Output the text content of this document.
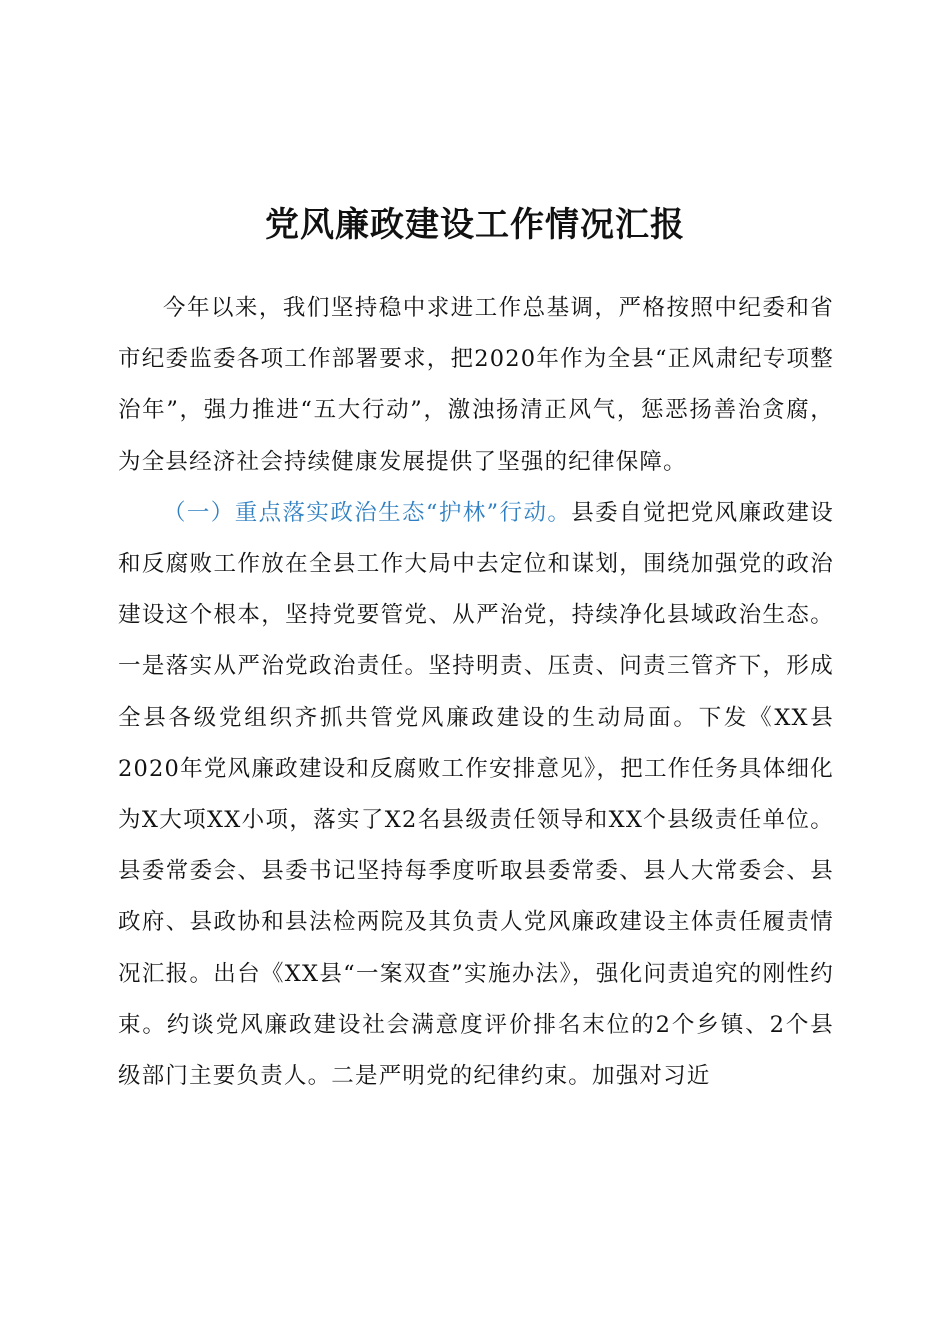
党风廉政建设工作情况汇报

今年以来，我们坚持稳中求进工作总基调，严格按照中纪委和省市纪委监委各项工作部署要求，把2020年作为全县“正风肃纪专项整治年”，强力推进“五大行动”，激浊扬清正风气，惩恶扬善治贪腐，为全县经济社会持续健康发展提供了坚强的纪律保障。

（一）重点落实政治生态“护林”行动。县委自觉把党风廉政建设和反腐败工作放在全县工作大局中去定位和谋划，围绕加强党的政治建设这个根本，坚持党要管党、从严治党，持续净化县域政治生态。一是落实从严治党政治责任。坚持明责、压责、问责三管齐下，形成全县各级党组织齐抓共管党风廉政建设的生动局面。下发《XX县2020年党风廉政建设和反腐败工作安排意见》，把工作任务具体细化为X大项XX小项，落实了X2名县级责任领导和XX个县级责任单位。县委常委会、县委书记坚持每季度听取县委常委、县人大常委会、县政府、县政协和县法检两院及其负责人党风廉政建设主体责任履责情况汇报。出台《XX县“一案双查”实施办法》，强化问责追究的刚性约束。约谈党风廉政建设社会满意度评价排名末位的2个乡镇、2个县级部门主要负责人。二是严明党的纪律约束。加强对习近
